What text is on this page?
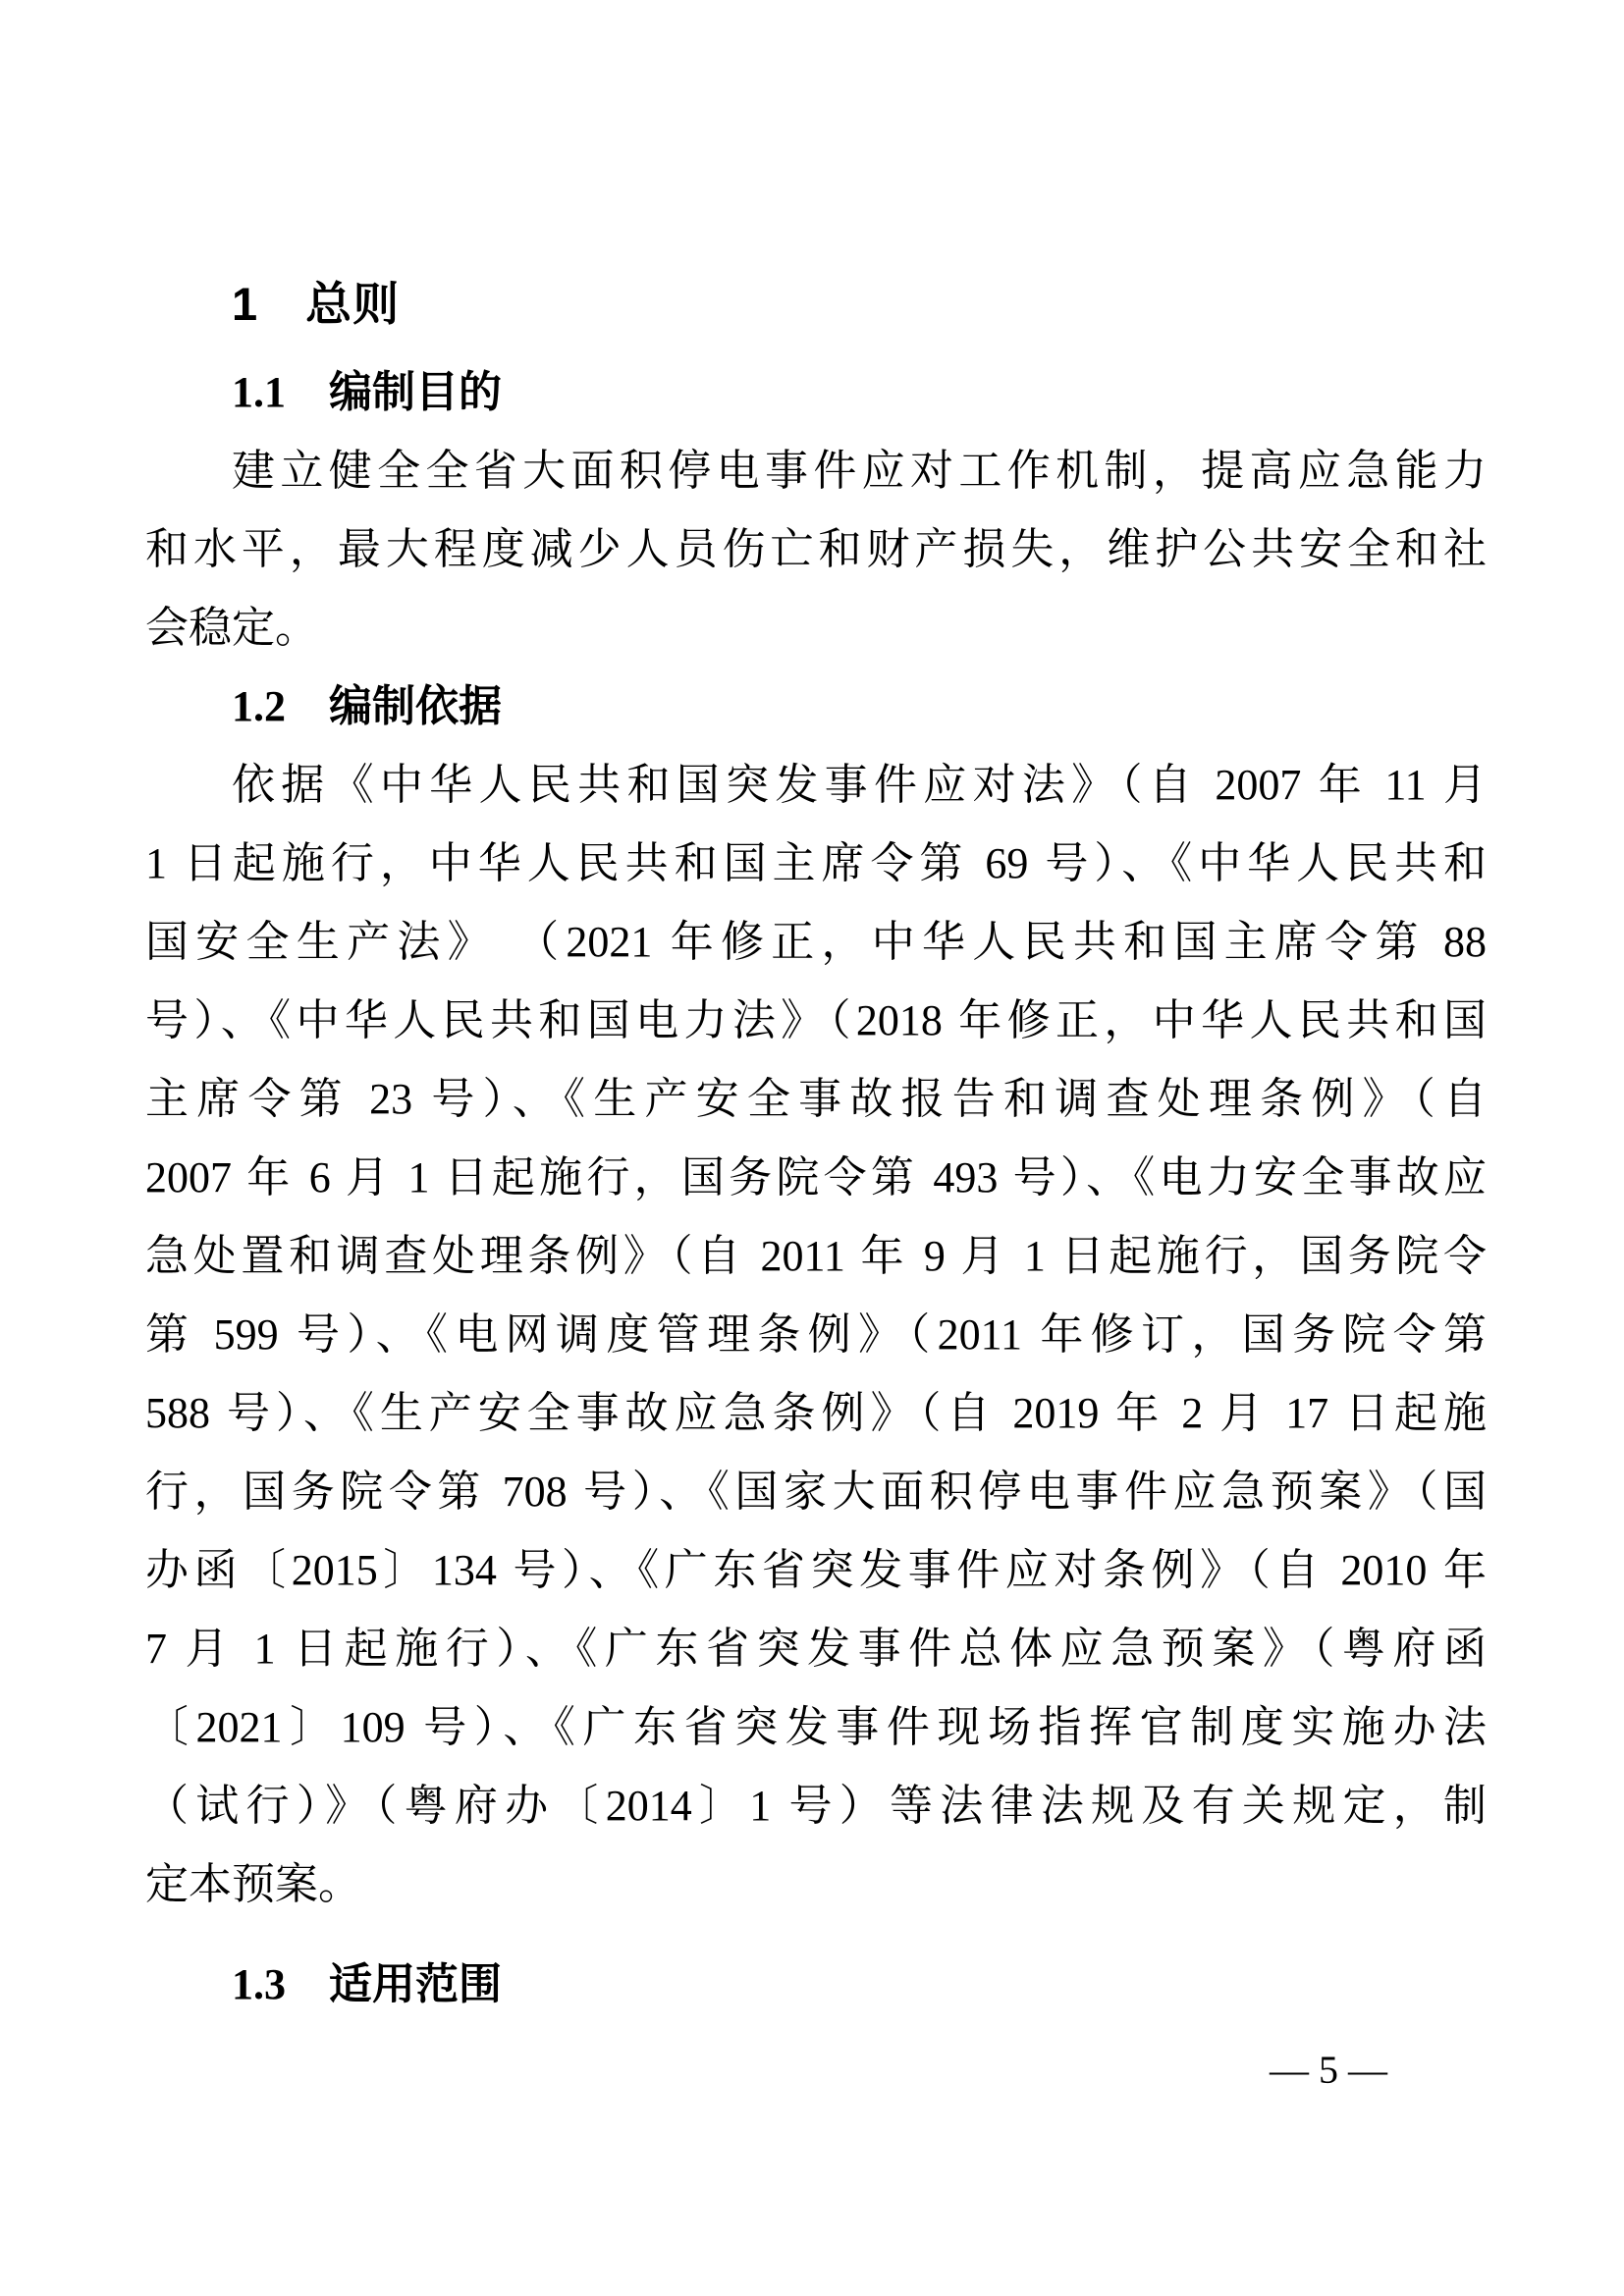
1　总则
1.1　编制目的
建立健全全省大面积停电事件应对工作机制，提高应急能力
和水平，最大程度减少人员伤亡和财产损失，维护公共安全和社
会稳定。
1.2　编制依据
依据《中华人民共和国突发事件应对法》（自 2007 年 11 月
1 日起施行，中华人民共和国主席令第 69 号）、《中华人民共和
国安全生产法》 （2021 年修正，中华人民共和国主席令第 88
号）、《中华人民共和国电力法》（2018 年修正，中华人民共和国
主席令第 23 号）、《生产安全事故报告和调查处理条例》（自
2007 年 6 月 1 日起施行，国务院令第 493 号）、《电力安全事故应
急处置和调查处理条例》（自 2011 年 9 月 1 日起施行，国务院令
第 599 号）、《电网调度管理条例》（2011 年修订，国务院令第
588 号）、《生产安全事故应急条例》（自 2019 年 2 月 17 日起施
行，国务院令第 708 号）、《国家大面积停电事件应急预案》（国
办函〔2015〕134 号）、《广东省突发事件应对条例》（自 2010 年
7 月 1 日起施行）、《广东省突发事件总体应急预案》（粤府函
〔2021〕109 号）、《广东省突发事件现场指挥官制度实施办法
（试行）》（粤府办〔2014〕1 号）等法律法规及有关规定，制
定本预案。
1.3　适用范围
— 5 —
